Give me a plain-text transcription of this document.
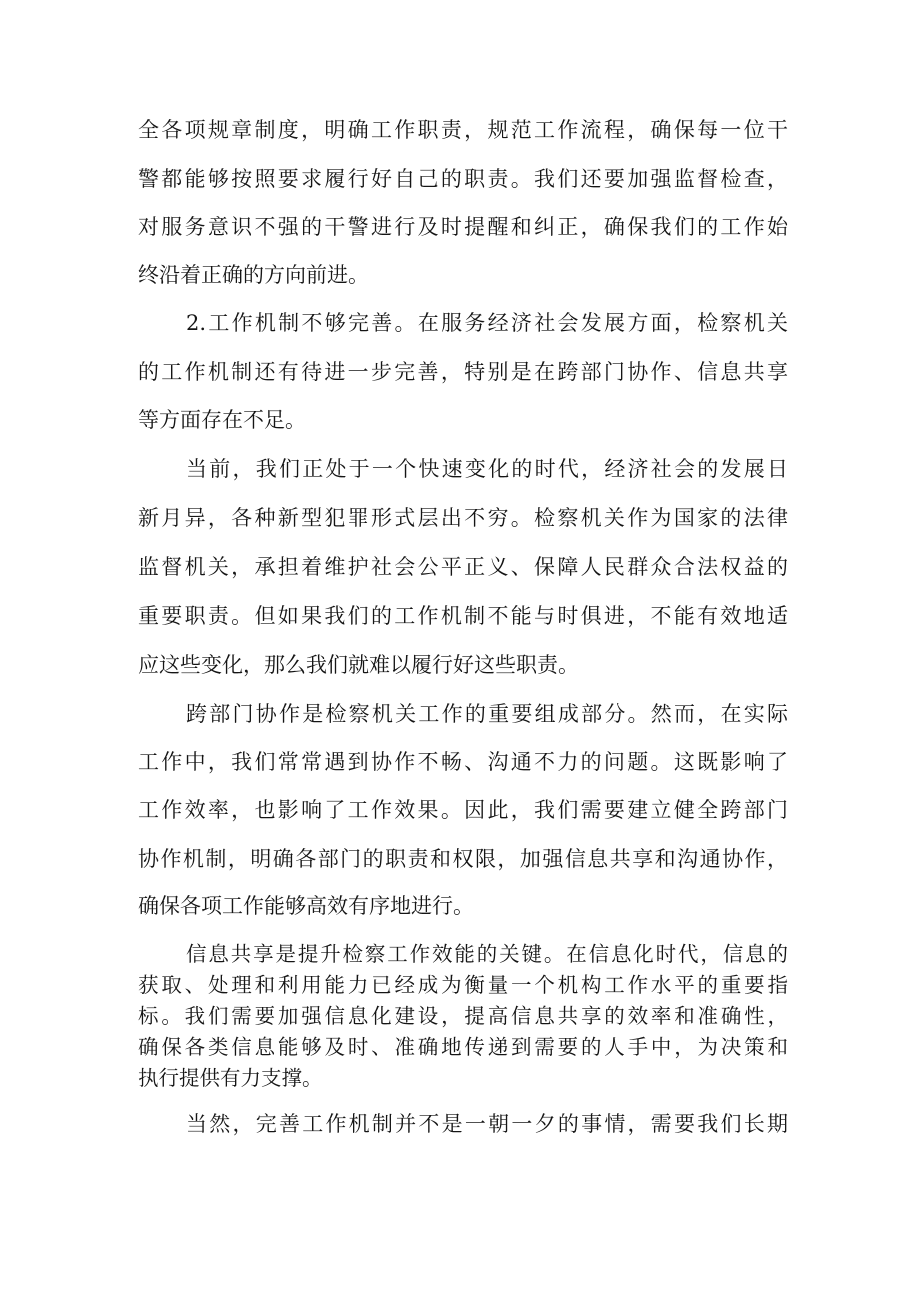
全各项规章制度，明确工作职责，规范工作流程，确保每一位干

警都能够按照要求履行好自己的职责。我们还要加强监督检查，

对服务意识不强的干警进行及时提醒和纠正，确保我们的工作始

终沿着正确的方向前进。

2.工作机制不够完善。在服务经济社会发展方面，检察机关

的工作机制还有待进一步完善，特别是在跨部门协作、信息共享

等方面存在不足。

当前，我们正处于一个快速变化的时代，经济社会的发展日

新月异，各种新型犯罪形式层出不穷。检察机关作为国家的法律

监督机关，承担着维护社会公平正义、保障人民群众合法权益的

重要职责。但如果我们的工作机制不能与时俱进，不能有效地适

应这些变化，那么我们就难以履行好这些职责。

跨部门协作是检察机关工作的重要组成部分。然而，在实际

工作中，我们常常遇到协作不畅、沟通不力的问题。这既影响了

工作效率，也影响了工作效果。因此，我们需要建立健全跨部门

协作机制，明确各部门的职责和权限，加强信息共享和沟通协作，

确保各项工作能够高效有序地进行。

信息共享是提升检察工作效能的关键。在信息化时代，信息的

获取、处理和利用能力已经成为衡量一个机构工作水平的重要指

标。我们需要加强信息化建设，提高信息共享的效率和准确性，

确保各类信息能够及时、准确地传递到需要的人手中，为决策和

执行提供有力支撑。

当然，完善工作机制并不是一朝一夕的事情，需要我们长期
